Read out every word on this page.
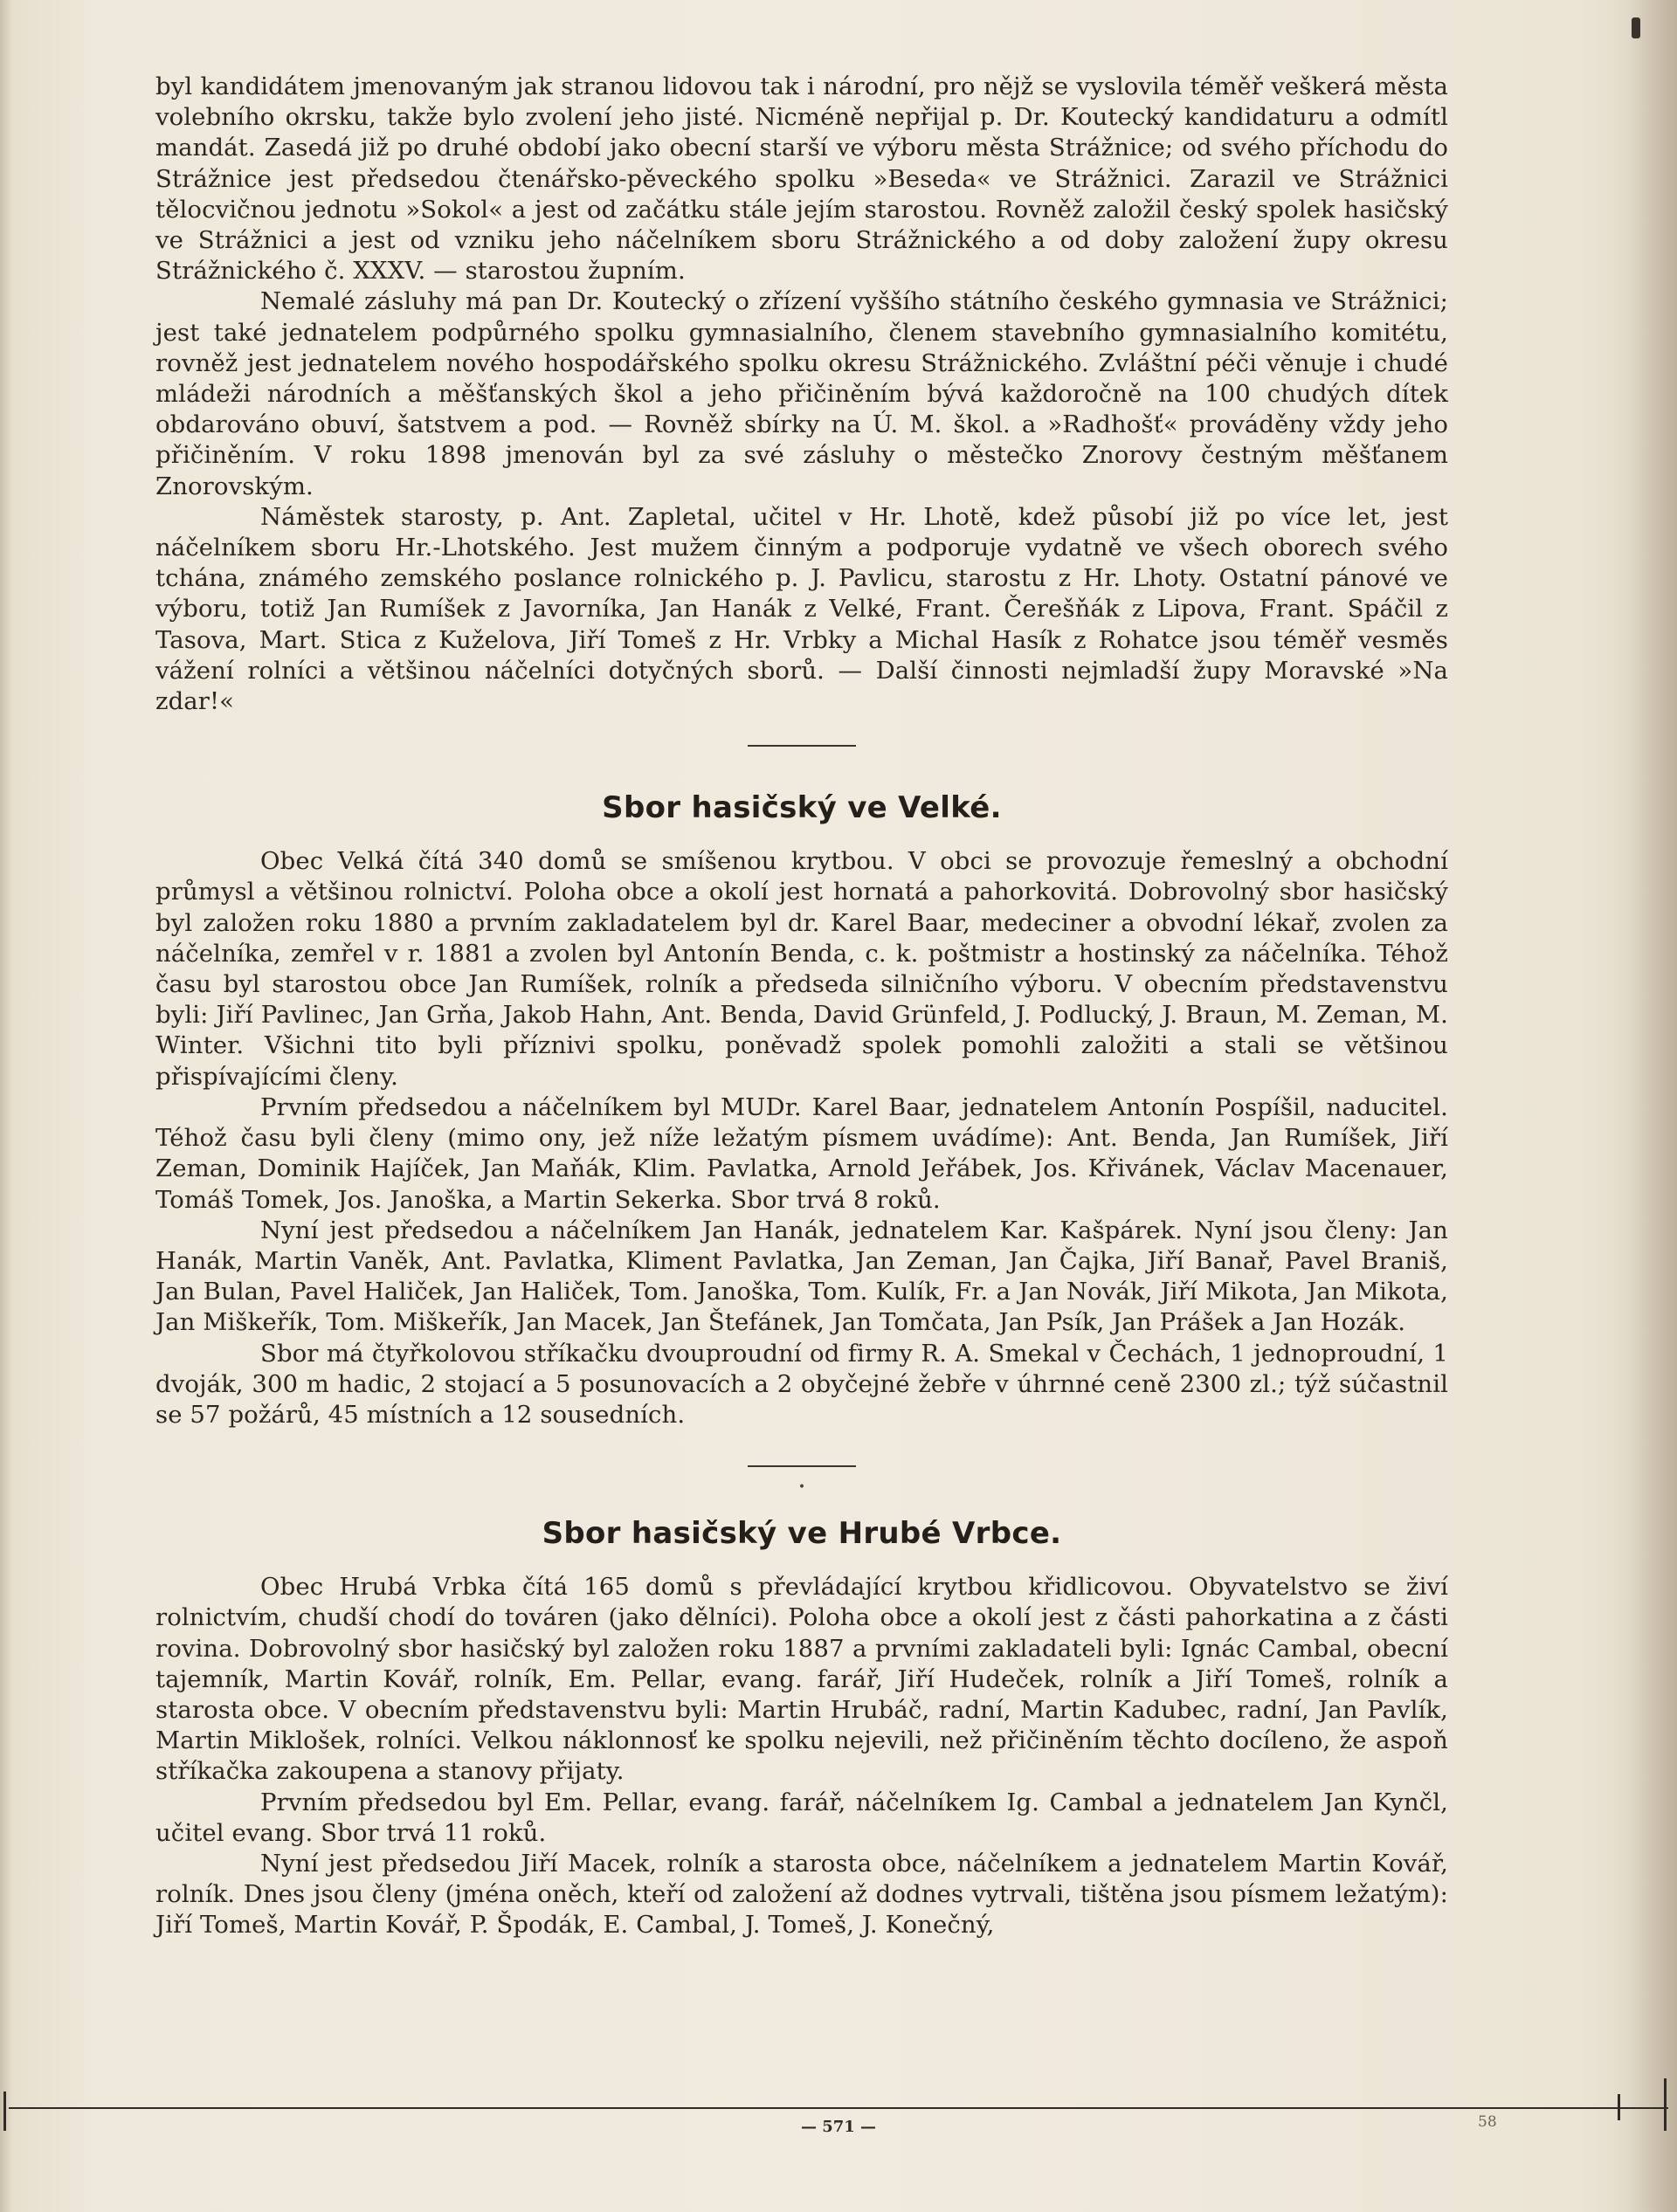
byl kandidátem jmenovaným jak stranou lidovou tak i národní, pro nějž se vyslovila téměř veškerá města volebního okrsku, takže bylo zvolení jeho jisté. Nicméně nepřijal p. Dr. Koutecký kandidaturu a odmítl mandát. Zasedá již po druhé období jako obecní starší ve výboru města Strážnice; od svého příchodu do Strážnice jest předsedou čtenářsko-pěveckého spolku »Beseda« ve Strážnici. Zarazil ve Strážnici tělocvičnou jednotu »Sokol« a jest od začátku stále jejím starostou. Rovněž založil český spolek hasičský ve Strážnici a jest od vzniku jeho náčelníkem sboru Strážnického a od doby založení župy okresu Strážnického č. XXXV. — starostou župním.

Nemalé zásluhy má pan Dr. Koutecký o zřízení vyššího státního českého gymnasia ve Strážnici; jest také jednatelem podpůrného spolku gymnasialního, členem stavebního gymnasialního komitétu, rovněž jest jednatelem nového hospodářského spolku okresu Strážnického. Zvláštní péči věnuje i chudé mládeži národních a měšťanských škol a jeho přičiněním bývá každoročně na 100 chudých dítek obdarováno obuví, šatstvem a pod. — Rovněž sbírky na Ú. M. škol. a »Radhošť« prováděny vždy jeho přičiněním. V roku 1898 jmenován byl za své zásluhy o městečko Znorovy čestným měšťanem Znorovským.

Náměstek starosty, p. Ant. Zapletal, učitel v Hr. Lhotě, kdež působí již po více let, jest náčelníkem sboru Hr.-Lhotského. Jest mužem činným a podporuje vydatně ve všech oborech svého tchána, známého zemského poslance rolnického p. J. Pavlicu, starostu z Hr. Lhoty. Ostatní pánové ve výboru, totiž Jan Rumíšek z Javorníka, Jan Hanák z Velké, Frant. Čerešňák z Lipova, Frant. Spáčil z Tasova, Mart. Stica z Kuželova, Jiří Tomeš z Hr. Vrbky a Michal Hasík z Rohatce jsou téměř vesměs vážení rolníci a většinou náčelníci dotyčných sborů. — Další činnosti nejmladší župy Moravské »Na zdar!«

Sbor hasičský ve Velké.

Obec Velká čítá 340 domů se smíšenou krytbou. V obci se provozuje řemeslný a obchodní průmysl a většinou rolnictví. Poloha obce a okolí jest hornatá a pahorkovitá. Dobrovolný sbor hasičský byl založen roku 1880 a prvním zakladatelem byl dr. Karel Baar, medeciner a obvodní lékař, zvolen za náčelníka, zemřel v r. 1881 a zvolen byl Antonín Benda, c. k. poštmistr a hostinský za náčelníka. Téhož času byl starostou obce Jan Rumíšek, rolník a předseda silničního výboru. V obecním představenstvu byli: Jiří Pavlinec, Jan Grňa, Jakob Hahn, Ant. Benda, David Grünfeld, J. Podlucký, J. Braun, M. Zeman, M. Winter. Všichni tito byli příznivi spolku, poněvadž spolek pomohli založiti a stali se většinou přispívajícími členy.

Prvním předsedou a náčelníkem byl MUDr. Karel Baar, jednatelem Antonín Pospíšil, naducitel. Téhož času byli členy (mimo ony, jež níže ležatým písmem uvádíme): Ant. Benda, Jan Rumíšek, Jiří Zeman, Dominik Hajíček, Jan Maňák, Klim. Pavlatka, Arnold Jeřábek, Jos. Křivánek, Václav Macenauer, Tomáš Tomek, Jos. Janoška, a Martin Sekerka. Sbor trvá 8 roků.

Nyní jest předsedou a náčelníkem Jan Hanák, jednatelem Kar. Kašpárek. Nyní jsou členy: Jan Hanák, Martin Vaněk, Ant. Pavlatka, Kliment Pavlatka, Jan Zeman, Jan Čajka, Jiří Banař, Pavel Braniš, Jan Bulan, Pavel Haliček, Jan Haliček, Tom. Janoška, Tom. Kulík, Fr. a Jan Novák, Jiří Mikota, Jan Mikota, Jan Miškeřík, Tom. Miškeřík, Jan Macek, Jan Štefánek, Jan Tomčata, Jan Psík, Jan Prášek a Jan Hozák.

Sbor má čtyřkolovou stříkačku dvouproudní od firmy R. A. Smekal v Čechách, 1 jednoproudní, 1 dvoják, 300 m hadic, 2 stojací a 5 posunovacích a 2 obyčejné žebře v úhrnné ceně 2300 zl.; týž súčastnil se 57 požárů, 45 místních a 12 sousedních.

•
Sbor hasičský ve Hrubé Vrbce.

Obec Hrubá Vrbka čítá 165 domů s převládající krytbou křidlicovou. Obyvatelstvo se živí rolnictvím, chudší chodí do továren (jako dělníci). Poloha obce a okolí jest z části pahorkatina a z části rovina. Dobrovolný sbor hasičský byl založen roku 1887 a prvními zakladateli byli: Ignác Cambal, obecní tajemník, Martin Kovář, rolník, Em. Pellar, evang. farář, Jiří Hudeček, rolník a Jiří Tomeš, rolník a starosta obce. V obecním představenstvu byli: Martin Hrubáč, radní, Martin Kadubec, radní, Jan Pavlík, Martin Miklošek, rolníci. Velkou náklonnosť ke spolku nejevili, než přičiněním těchto docíleno, že aspoň stříkačka zakoupena a stanovy přijaty.

Prvním předsedou byl Em. Pellar, evang. farář, náčelníkem Ig. Cambal a jednatelem Jan Kynčl, učitel evang. Sbor trvá 11 roků.

Nyní jest předsedou Jiří Macek, rolník a starosta obce, náčelníkem a jednatelem Martin Kovář, rolník. Dnes jsou členy (jména oněch, kteří od založení až dodnes vytrvali, tištěna jsou písmem ležatým): Jiří Tomeš, Martin Kovář, P. Špodák, E. Cambal, J. Tomeš, J. Konečný,

— 571 —	58
